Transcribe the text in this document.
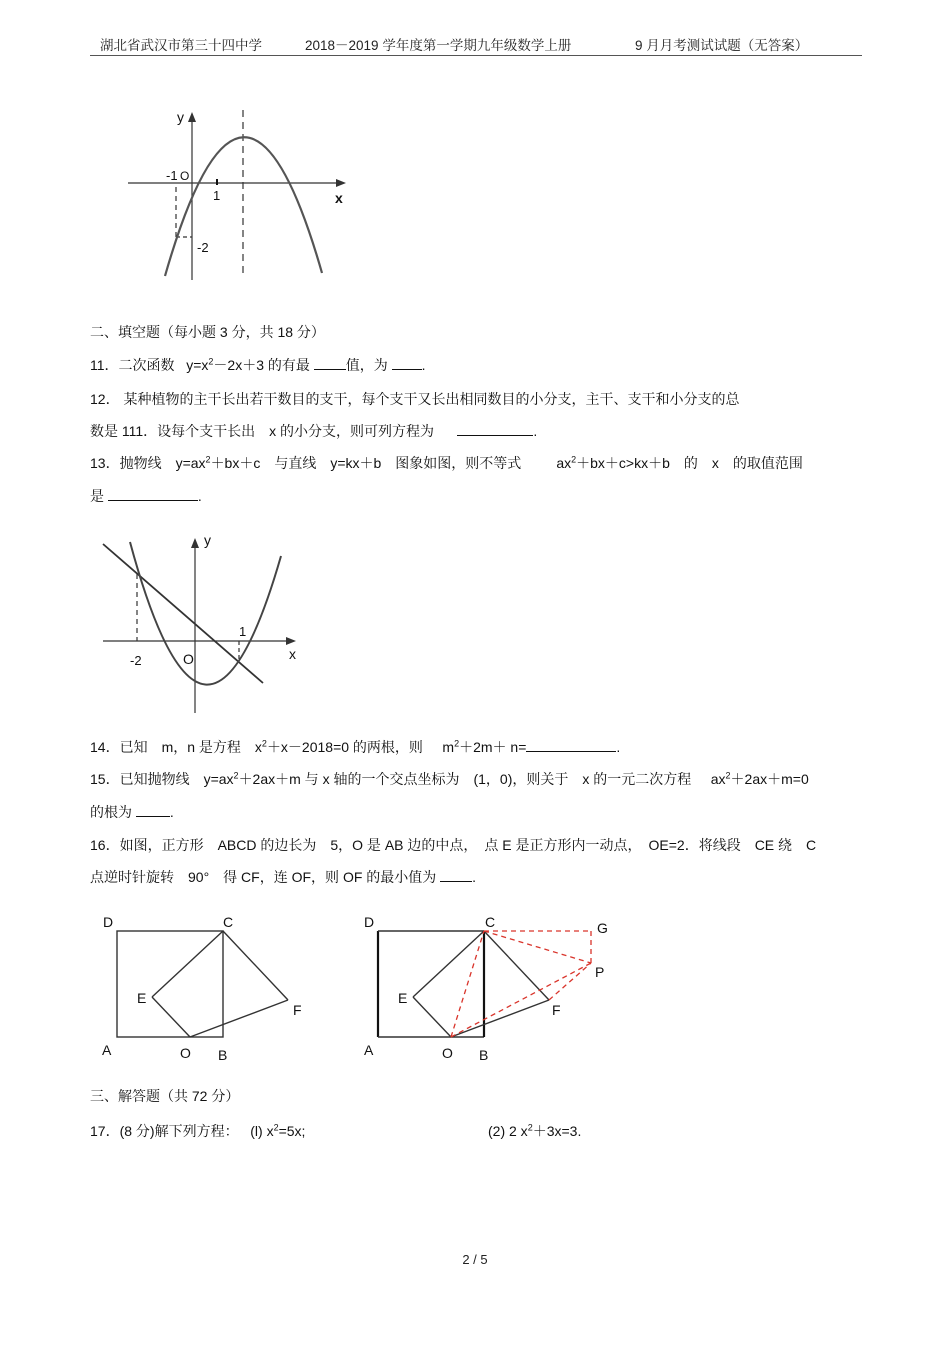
湖北省武汉市第三十四中学	2018－2019 学年度第一学期九年级数学上册	9 月月考测试试题（无答案）
y
x
-1 O
1
-2
二、填空题（每小题 3 分，共 18 分）
11．二次函数 $y=x^2-2x+3$ 的有最	值，为 .
12． 某种植物的主干长出若干数目的支干，每个支干又长出相同数目的小分支，主干、支干和小分支的总
数是 111．设每个支干长出　x 的小分支，则可列方程为	.
13．抛物线　$y=ax^2+bx+c$　与直线　y=kx＋b　图象如图，则不等式	$ax^2+bx+c>kx+b$　的　x　的取值范围
是	.
y
x
1
-2	O
14．已知　m，n 是方程　$x^2+x-2018=0$ 的两根，则 $m^2+2m+ n=$	.
15．已知抛物线　$y=ax^2+2ax+m$ 与 x 轴的一个交点坐标为　(1，0)，则关于　x 的一元二次方程 $ax^2+2ax+m=0$
的根为	.
16．如图，正方形　ABCD 的边长为　5，O 是 AB 边的中点，　点 E 是正方形内一动点，　OE=2．将线段　CE 绕　C
点逆时针旋转　90°　得 CF，连 OF，则 OF 的最小值为	.
D	C
E
F
A	O B
D	C	G
P
E
F
A	O B
三、解答题（共 72 分）
17．(8 分)解下列方程： (l) $x^2=5x$;	(2) 2 $x^2+3x=3$.
2 / 5
